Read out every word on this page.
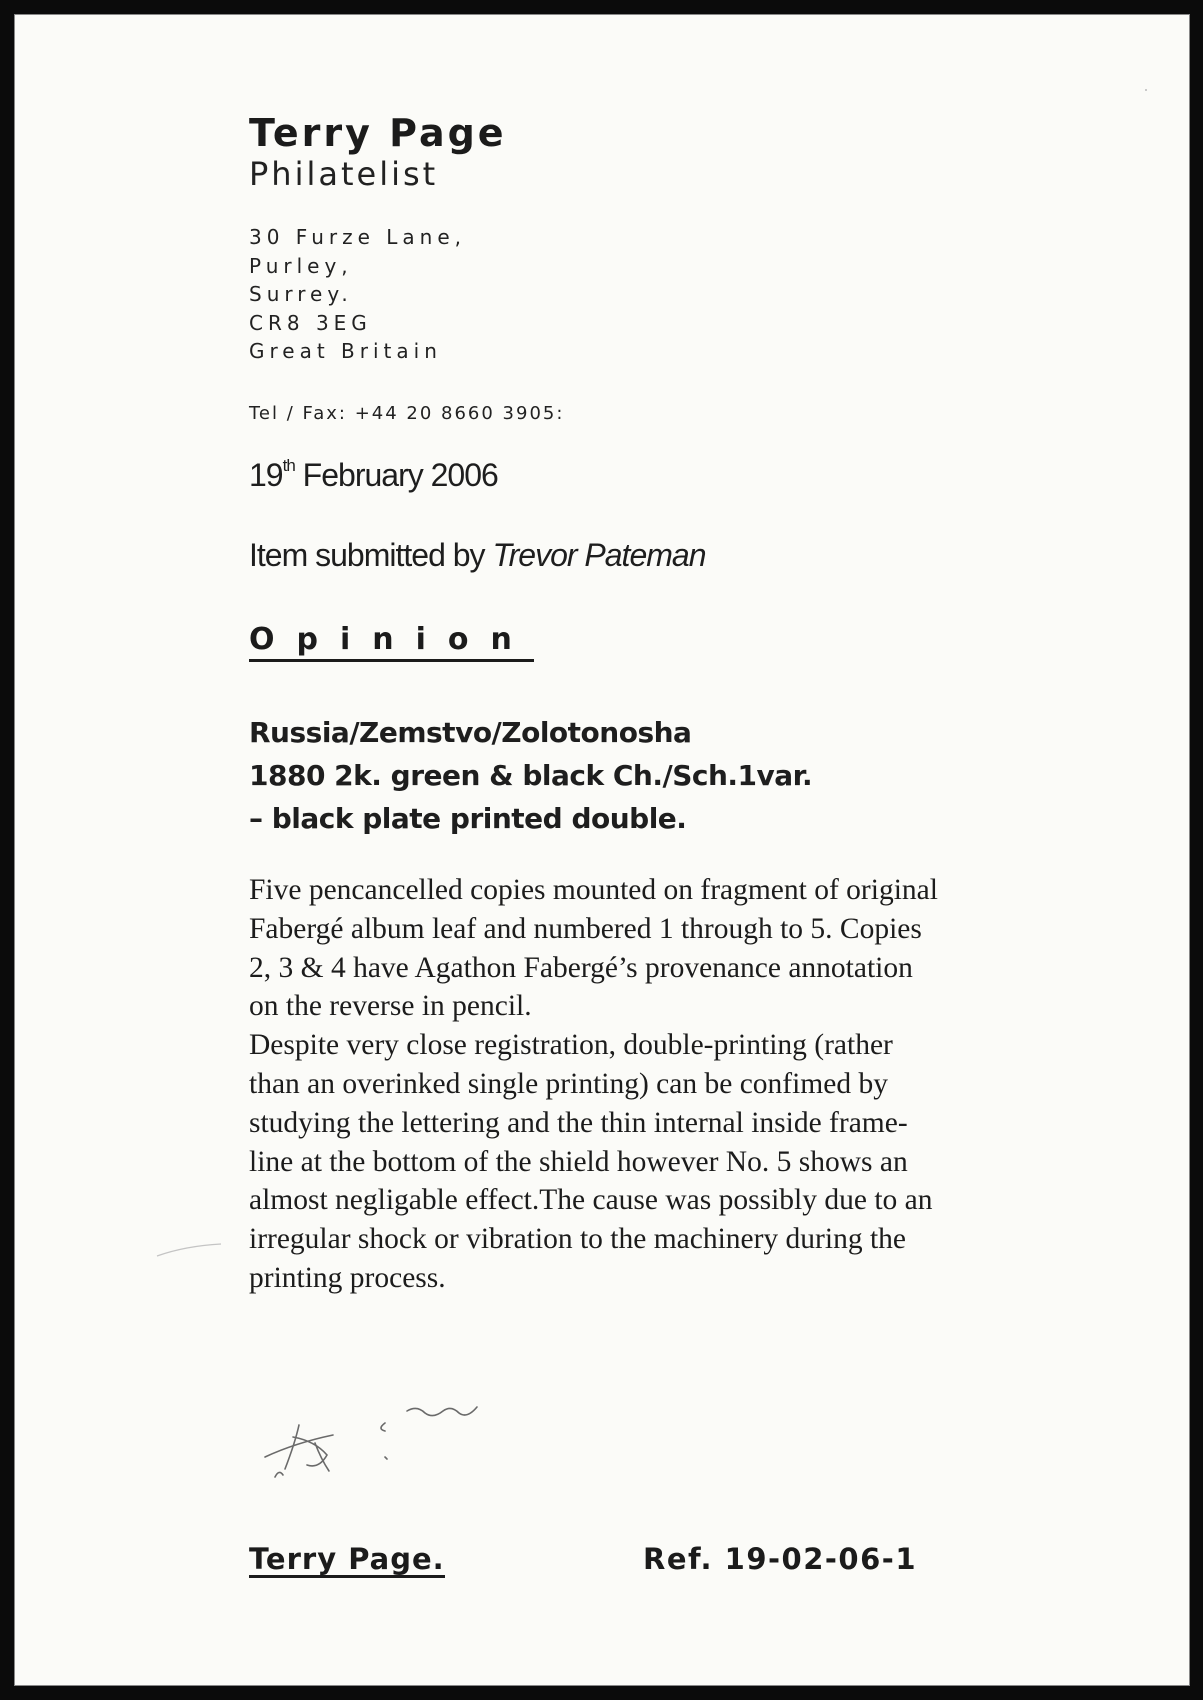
Terry Page
Philatelist
30 Furze Lane,
Purley,
Surrey.
CR8 3EG
Great Britain
Tel / Fax: +44 20 8660 3905:
19th February 2006
Item submitted by Trevor Pateman
Opinion
Russia/Zemstvo/Zolotonosha
1880 2k. green & black Ch./Sch.1var.
– black plate printed double.
Five pencancelled copies mounted on fragment of original
Fabergé album leaf and numbered 1 through to 5. Copies
2, 3 & 4 have Agathon Fabergé’s provenance annotation
on the reverse in pencil.
Despite very close registration, double-printing (rather
than an overinked single printing) can be confimed by
studying the lettering and the thin internal inside frame-
line at the bottom of the shield however No. 5 shows an
almost negligable effect.The cause was possibly due to an
irregular shock or vibration to the machinery during the
printing process.
Terry Page.	Ref. 19-02-06-1
